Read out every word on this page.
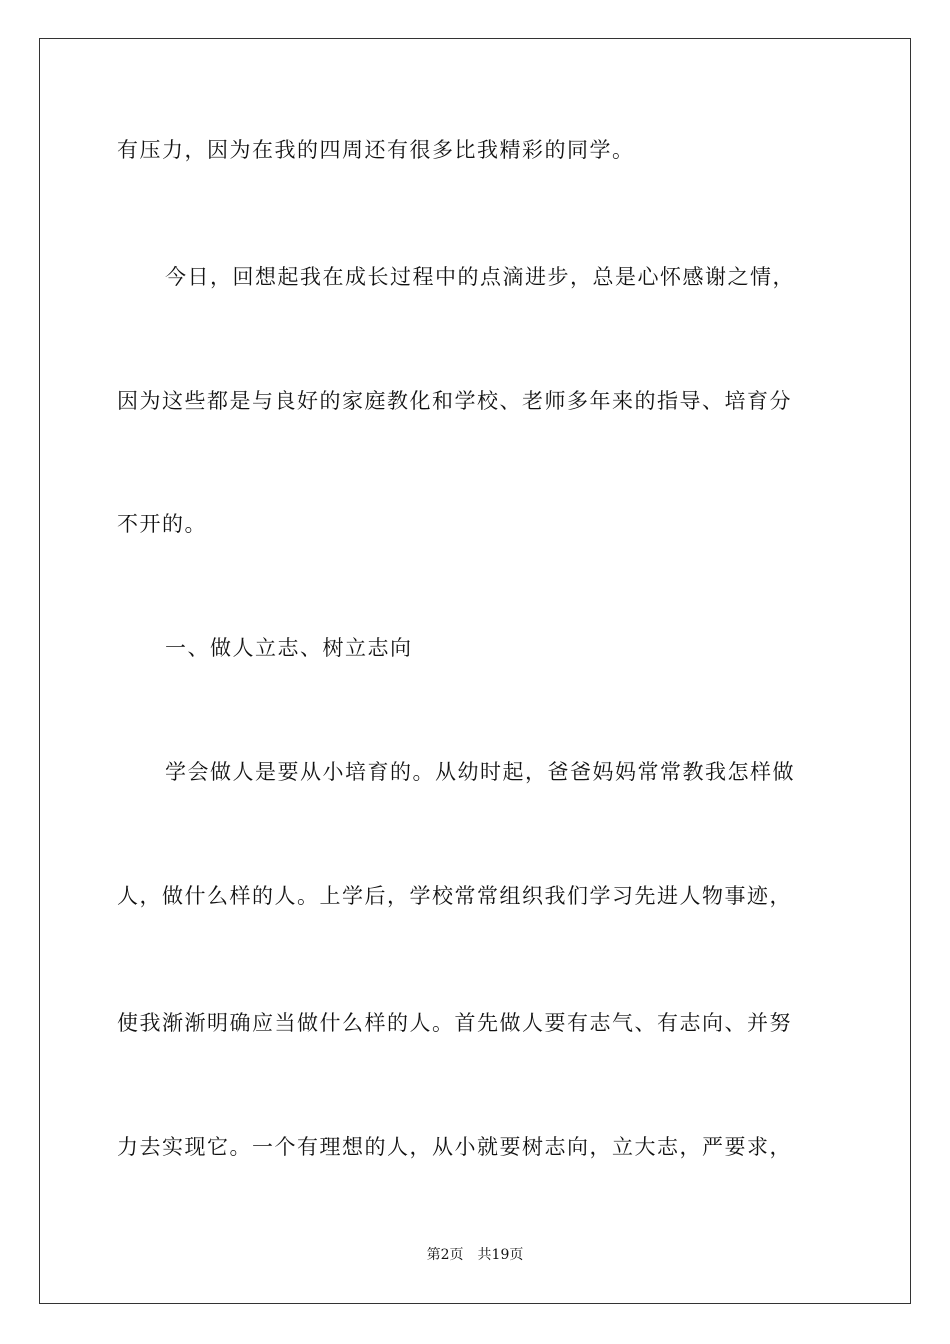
有压力，因为在我的四周还有很多比我精彩的同学。
今日，回想起我在成长过程中的点滴进步，总是心怀感谢之情，
因为这些都是与良好的家庭教化和学校、老师多年来的指导、培育分
不开的。
一、做人立志、树立志向
学会做人是要从小培育的。从幼时起，爸爸妈妈常常教我怎样做
人，做什么样的人。上学后，学校常常组织我们学习先进人物事迹，
使我渐渐明确应当做什么样的人。首先做人要有志气、有志向、并努
力去实现它。一个有理想的人，从小就要树志向，立大志，严要求，
第2页　共19页
